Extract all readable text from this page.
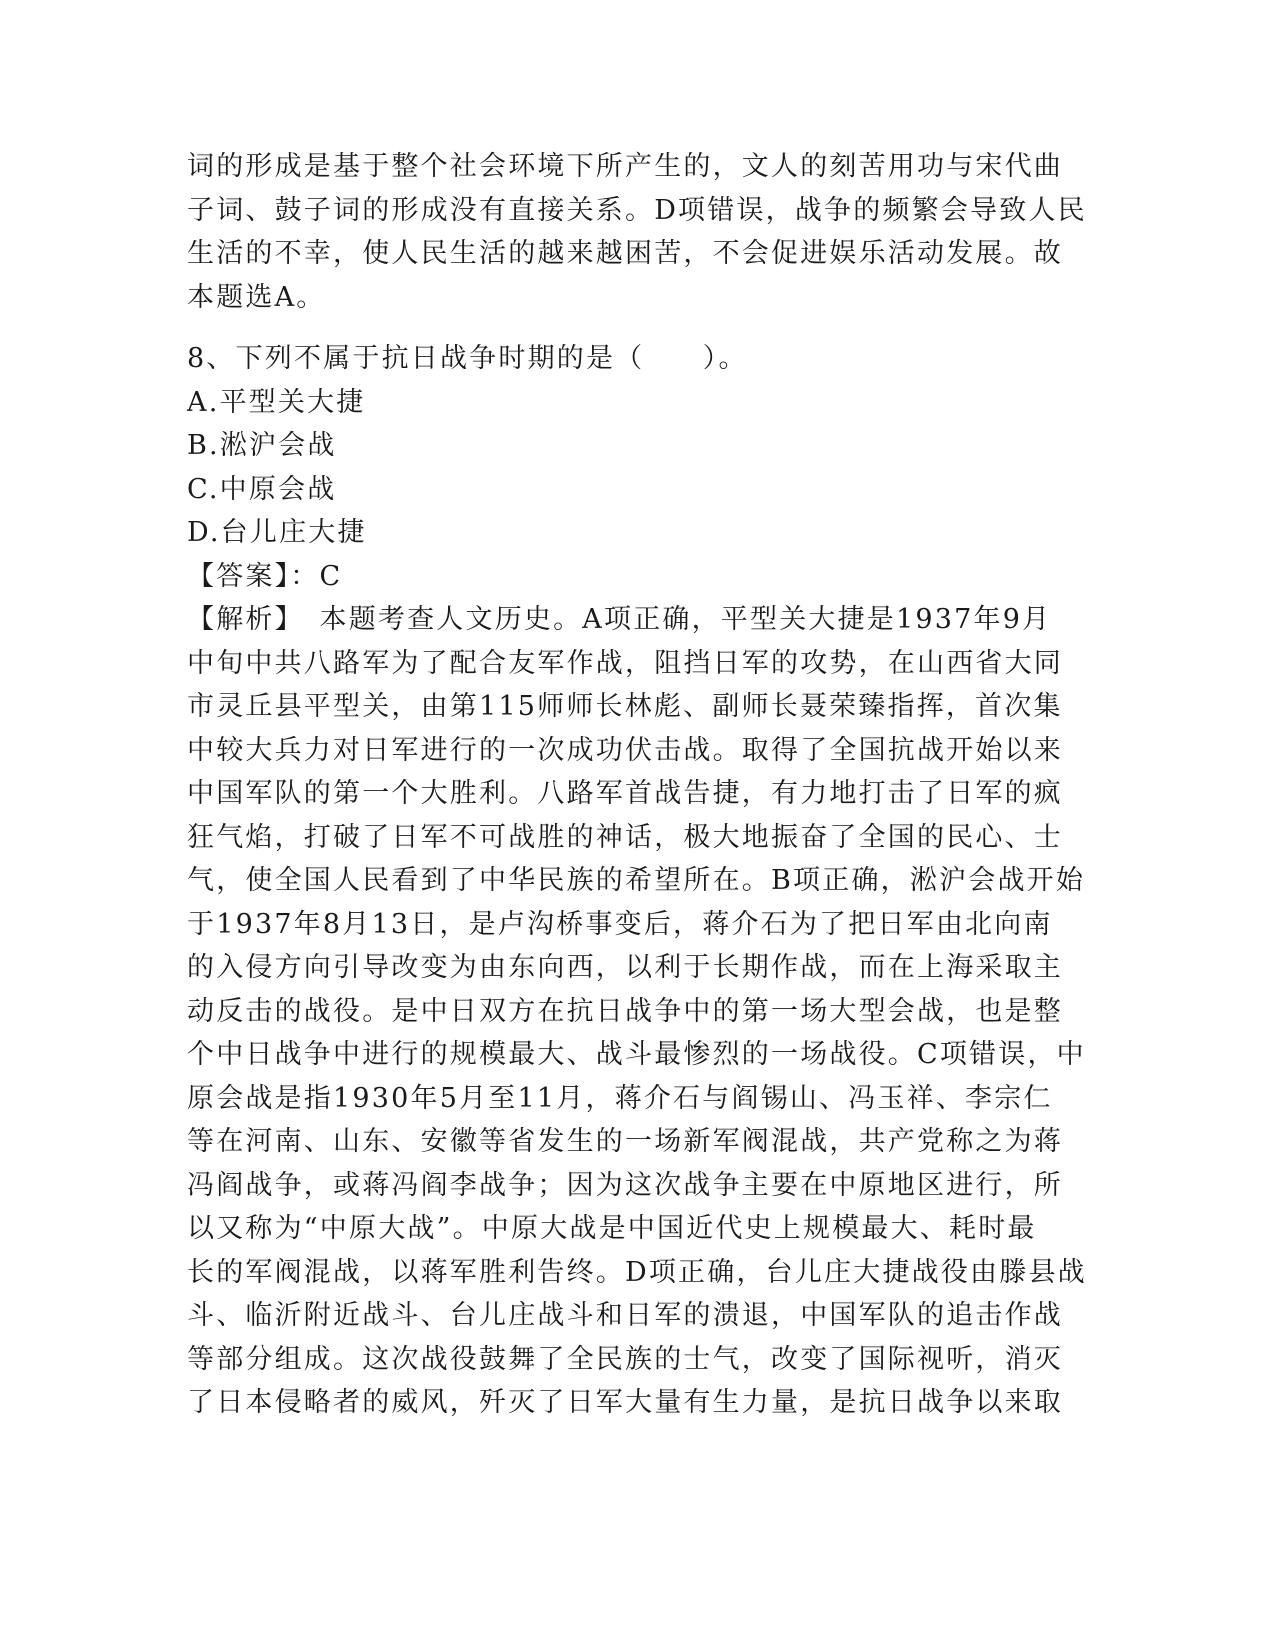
词的形成是基于整个社会环境下所产生的，文人的刻苦用功与宋代曲
子词、鼓子词的形成没有直接关系。D项错误，战争的频繁会导致人民
生活的不幸，使人民生活的越来越困苦，不会促进娱乐活动发展。故
本题选A。
8、下列不属于抗日战争时期的是（　　）。
A.平型关大捷
B.淞沪会战
C.中原会战
D.台儿庄大捷
【答案】：C
【解析】　本题考查人文历史。A项正确，平型关大捷是1937年9月
中旬中共八路军为了配合友军作战，阻挡日军的攻势，在山西省大同
市灵丘县平型关，由第115师师长林彪、副师长聂荣臻指挥，首次集
中较大兵力对日军进行的一次成功伏击战。取得了全国抗战开始以来
中国军队的第一个大胜利。八路军首战告捷，有力地打击了日军的疯
狂气焰，打破了日军不可战胜的神话，极大地振奋了全国的民心、士
气，使全国人民看到了中华民族的希望所在。B项正确，淞沪会战开始
于1937年8月13日，是卢沟桥事变后，蒋介石为了把日军由北向南
的入侵方向引导改变为由东向西，以利于长期作战，而在上海采取主
动反击的战役。是中日双方在抗日战争中的第一场大型会战，也是整
个中日战争中进行的规模最大、战斗最惨烈的一场战役。C项错误，中
原会战是指1930年5月至11月，蒋介石与阎锡山、冯玉祥、李宗仁
等在河南、山东、安徽等省发生的一场新军阀混战，共产党称之为蒋
冯阎战争，或蒋冯阎李战争；因为这次战争主要在中原地区进行，所
以又称为“中原大战”。中原大战是中国近代史上规模最大、耗时最
长的军阀混战，以蒋军胜利告终。D项正确，台儿庄大捷战役由滕县战
斗、临沂附近战斗、台儿庄战斗和日军的溃退，中国军队的追击作战
等部分组成。这次战役鼓舞了全民族的士气，改变了国际视听，消灭
了日本侵略者的威风，歼灭了日军大量有生力量，是抗日战争以来取
